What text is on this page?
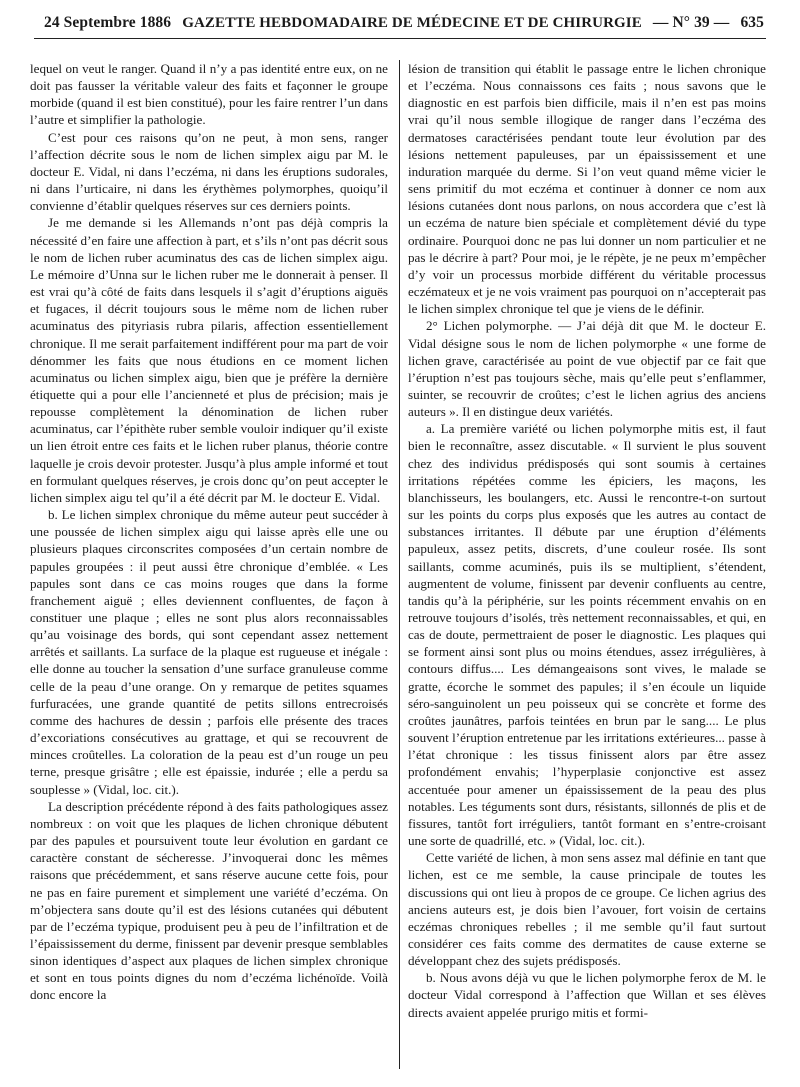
24 Septembre 1886 GAZETTE HEBDOMADAIRE DE MÉDECINE ET DE CHIRURGIE — N° 39 — 635

lequel on veut le ranger. Quand il n’y a pas identité entre eux, on ne doit pas fausser la véritable valeur des faits et façonner le groupe morbide (quand il est bien constitué), pour les faire rentrer l’un dans l’autre et simplifier la pathologie.

C’est pour ces raisons qu’on ne peut, à mon sens, ranger l’affection décrite sous le nom de lichen simplex aigu par M. le docteur E. Vidal, ni dans l’eczéma, ni dans les éruptions sudorales, ni dans l’urticaire, ni dans les érythèmes polymorphes, quoiqu’il convienne d’établir quelques réserves sur ces derniers points.

Je me demande si les Allemands n’ont pas déjà compris la nécessité d’en faire une affection à part, et s’ils n’ont pas décrit sous le nom de lichen ruber acuminatus des cas de lichen simplex aigu. Le mémoire d’Unna sur le lichen ruber me le donnerait à penser. Il est vrai qu’à côté de faits dans lesquels il s’agit d’éruptions aiguës et fugaces, il décrit toujours sous le même nom de lichen ruber acuminatus des pityriasis rubra pilaris, affection essentiellement chronique. Il me serait parfaitement indifférent pour ma part de voir dénommer les faits que nous étudions en ce moment lichen acuminatus ou lichen simplex aigu, bien que je préfère la dernière étiquette qui a pour elle l’ancienneté et plus de précision; mais je repousse complètement la dénomination de lichen ruber acuminatus, car l’épithète ruber semble vouloir indiquer qu’il existe un lien étroit entre ces faits et le lichen ruber planus, théorie contre laquelle je crois devoir protester. Jusqu’à plus ample informé et tout en formulant quelques réserves, je crois donc qu’on peut accepter le lichen simplex aigu tel qu’il a été décrit par M. le docteur E. Vidal.

b. Le lichen simplex chronique du même auteur peut succéder à une poussée de lichen simplex aigu qui laisse après elle une ou plusieurs plaques circonscrites composées d’un certain nombre de papules groupées : il peut aussi être chronique d’emblée. « Les papules sont dans ce cas moins rouges que dans la forme franchement aiguë ; elles deviennent confluentes, de façon à constituer une plaque ; elles ne sont plus alors reconnaissables qu’au voisinage des bords, qui sont cependant assez nettement arrêtés et saillants. La surface de la plaque est rugueuse et inégale : elle donne au toucher la sensation d’une surface granuleuse comme celle de la peau d’une orange. On y remarque de petites squames furfuracées, une grande quantité de petits sillons entrecroisés comme des hachures de dessin ; parfois elle présente des traces d’excoriations consécutives au grattage, et qui se recouvrent de minces croûtelles. La coloration de la peau est d’un rouge un peu terne, presque grisâtre ; elle est épaissie, indurée ; elle a perdu sa souplesse » (Vidal, loc. cit.).

La description précédente répond à des faits pathologiques assez nombreux : on voit que les plaques de lichen chronique débutent par des papules et poursuivent toute leur évolution en gardant ce caractère constant de sécheresse. J’invoquerai donc les mêmes raisons que précédemment, et sans réserve aucune cette fois, pour ne pas en faire purement et simplement une variété d’eczéma. On m’objectera sans doute qu’il est des lésions cutanées qui débutent par de l’eczéma typique, produisent peu à peu de l’infiltration et de l’épaississement du derme, finissent par devenir presque semblables sinon identiques d’aspect aux plaques de lichen simplex chronique et sont en tous points dignes du nom d’eczéma lichénoïde. Voilà donc encore la

lésion de transition qui établit le passage entre le lichen chronique et l’eczéma. Nous connaissons ces faits ; nous savons que le diagnostic en est parfois bien difficile, mais il n’en est pas moins vrai qu’il nous semble illogique de ranger dans l’eczéma des dermatoses caractérisées pendant toute leur évolution par des lésions nettement papuleuses, par un épaississement et une induration marquée du derme. Si l’on veut quand même vicier le sens primitif du mot eczéma et continuer à donner ce nom aux lésions cutanées dont nous parlons, on nous accordera que c’est là un eczéma de nature bien spéciale et complètement dévié du type ordinaire. Pourquoi donc ne pas lui donner un nom particulier et ne pas le décrire à part? Pour moi, je le répète, je ne peux m’empêcher d’y voir un processus morbide différent du véritable processus eczémateux et je ne vois vraiment pas pourquoi on n’accepterait pas le lichen simplex chronique tel que je viens de le définir.

2° Lichen polymorphe. — J’ai déjà dit que M. le docteur E. Vidal désigne sous le nom de lichen polymorphe « une forme de lichen grave, caractérisée au point de vue objectif par ce fait que l’éruption n’est pas toujours sèche, mais qu’elle peut s’enflammer, suinter, se recouvrir de croûtes; c’est le lichen agrius des anciens auteurs ». Il en distingue deux variétés.

a. La première variété ou lichen polymorphe mitis est, il faut bien le reconnaître, assez discutable. « Il survient le plus souvent chez des individus prédisposés qui sont soumis à certaines irritations répétées comme les épiciers, les maçons, les blanchisseurs, les boulangers, etc. Aussi le rencontre-t-on surtout sur les points du corps plus exposés que les autres au contact de substances irritantes. Il débute par une éruption d’éléments papuleux, assez petits, discrets, d’une couleur rosée. Ils sont saillants, comme acuminés, puis ils se multiplient, s’étendent, augmentent de volume, finissent par devenir confluents au centre, tandis qu’à la périphérie, sur les points récemment envahis on en retrouve toujours d’isolés, très nettement reconnaissables, et qui, en cas de doute, permettraient de poser le diagnostic. Les plaques qui se forment ainsi sont plus ou moins étendues, assez irrégulières, à contours diffus.... Les démangeaisons sont vives, le malade se gratte, écorche le sommet des papules; il s’en écoule un liquide séro-sanguinolent un peu poisseux qui se concrète et forme des croûtes jaunâtres, parfois teintées en brun par le sang.... Le plus souvent l’éruption entretenue par les irritations extérieures... passe à l’état chronique : les tissus finissent alors par être assez profondément envahis; l’hyperplasie conjonctive est assez accentuée pour amener un épaississement de la peau des plus notables. Les téguments sont durs, résistants, sillonnés de plis et de fissures, tantôt fort irréguliers, tantôt formant en s’entre-croisant une sorte de quadrillé, etc. » (Vidal, loc. cit.).

Cette variété de lichen, à mon sens assez mal définie en tant que lichen, est ce me semble, la cause principale de toutes les discussions qui ont lieu à propos de ce groupe. Ce lichen agrius des anciens auteurs est, je dois bien l’avouer, fort voisin de certains eczémas chroniques rebelles ; il me semble qu’il faut surtout considérer ces faits comme des dermatites de cause externe se développant chez des sujets prédisposés.

b. Nous avons déjà vu que le lichen polymorphe ferox de M. le docteur Vidal correspond à l’affection que Willan et ses élèves directs avaient appelée prurigo mitis et formi-
